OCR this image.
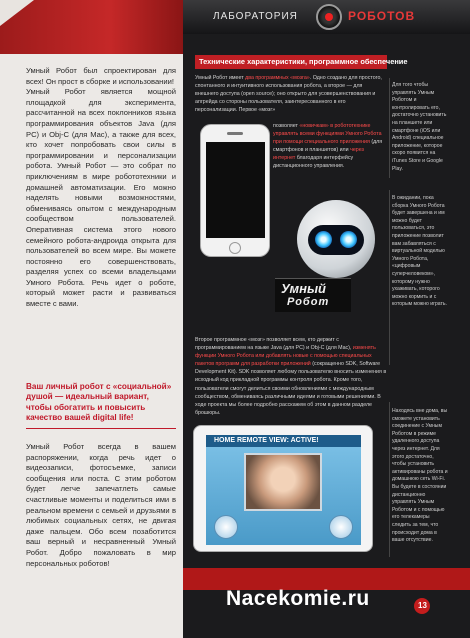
Умный Робот был спроектирован для всех! Он прост в сборке и использовании!

Умный Робот является мощной площадкой для эксперимента, рассчитанной на всех поклонников языка программирования объектов Java (для PC) и Obj-C (для Mac), а также для всех, кто хочет попробовать свои силы в программировании и персонализации робота. Умный Робот — это собрат по приключениям в мире робототехники и домашней автоматизации. Его можно наделять новыми возможностями, обмениваясь опытом с международным сообществом пользователей. Оперативная система этого нового семейного робота-андроида открыта для пользователей во всем мире. Вы можете постоянно его совершенствовать, разделяя успех со всеми владельцами Умного Робота. Речь идет о роботе, который может расти и развиваться вместе с вами.

Ваш личный робот с «социальной» душой — идеальный вариант, чтобы обогатить и повысить качество вашей digital life!
Умный Робот всегда в вашем распоряжении, когда речь идет о видеозаписи, фотосъемке, записи сообщения или поста. С этим роботом будет легче запечатлеть самые счастливые моменты и поделиться ими в реальном времени с семьей и друзьями в любимых социальных сетях, не двигая даже пальцем. Обо всем позаботится ваш верный и несравненный Умный Робот. Добро пожаловать в мир персональных роботов!
ЛАБОРАТОРИЯ	РОБОТОВ
Технические характеристики, программное обеспечение
Умный Робот имеет два программных «мозга». Одно создано для простого, спонтанного и интуитивного использования робота, а второе — для внешнего доступа (open source); оно открыто для усовершенствования и апгрейда со стороны пользователя, заинтересованного в его персонализации. Первое «мозг»
позволяет «новичкам» в робототехнике управлять всеми функциями Умного Робота при помощи специального приложения (для смартфонов и планшетов) или через интернет благодаря интерфейсу дистанционного управления.
Умный
Робот
Второе программное «мозг» позволяет всем, кто держит с программированием на языке Java (для PC) и Obj-C (для Mac), изменять функции Умного Робота или добавлять новые с помощью специальных пакетов программ для разработки приложений (сокращенно SDK, Software Development Kit). SDK позволяет любому пользователю вносить изменения в исходный код прикладной программы контроля робота. Кроме того, пользователи смогут делиться своими обновлениями с международным сообществом, обмениваясь различными идеями и готовыми решениями. В ходе проекта мы более подробно расскажем об этом в данном разделе брошюры.
Для того чтобы управлять Умным Роботом и контролировать его, достаточно установить на планшете или смартфоне (iOS или Android) специальное приложение, которое скоро появится на iTunes Store и Google Play.
В ожидании, пока сборка Умного Робота будет завершена и им можно будет пользоваться, это приложение позволит вам забавляться с виртуальной моделью Умного Робота, «цифровым суперчеловеком», которому нужно ухаживать, которого можно кормить и с которым можно играть.
Находясь вне дома, вы сможете установить соединение с Умным Роботом в режиме удаленного доступа через интернет. Для этого достаточно, чтобы установить активированы робота и домашнюю сеть Wi-Fi. Вы будете в состоянии дистанционно управлять Умным Роботом и с помощью его телекамеры следить за тем, что происходит дома в ваше отсутствие.
HOME REMOTE VIEW: ACTIVE!
13
Nacekomie.ru
